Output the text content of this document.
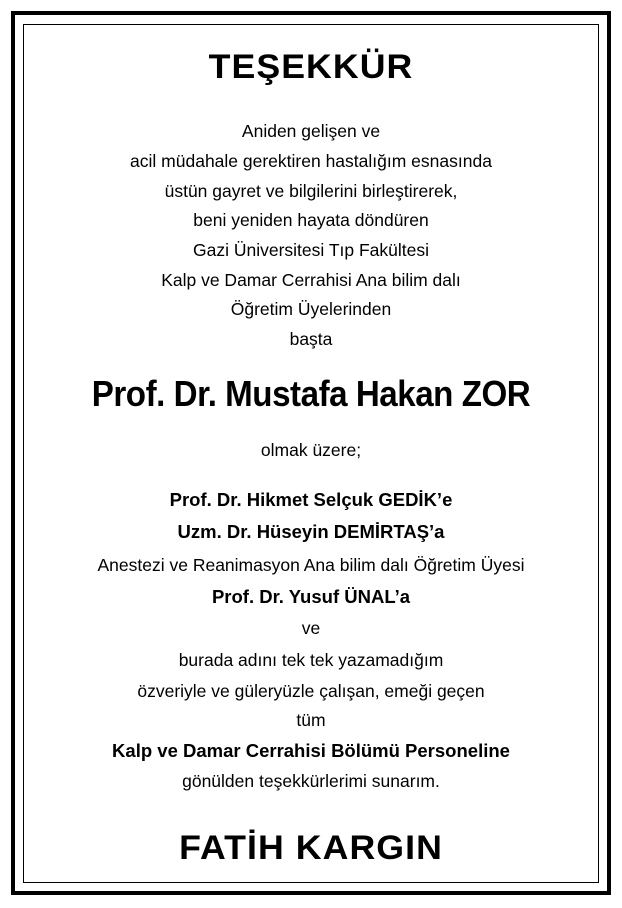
TEŞEKKÜR
Aniden gelişen ve
acil müdahale gerektiren hastalığım esnasında
üstün gayret ve bilgilerini birleştirerek,
beni yeniden hayata döndüren
Gazi Üniversitesi Tıp Fakültesi
Kalp ve Damar Cerrahisi Ana bilim dalı
Öğretim Üyelerinden
başta
Prof. Dr. Mustafa Hakan ZOR
olmak üzere;
Prof. Dr. Hikmet Selçuk GEDİK’e
Uzm. Dr. Hüseyin DEMİRTAŞ’a
Anestezi ve Reanimasyon Ana bilim dalı Öğretim Üyesi
Prof. Dr. Yusuf ÜNAL’a
ve
burada adını tek tek yazamadığım
özveriyle ve güleryüzle çalışan, emeği geçen
tüm
Kalp ve Damar Cerrahisi Bölümü Personeline
gönülden teşekkürlerimi sunarım.
FATİH KARGIN
